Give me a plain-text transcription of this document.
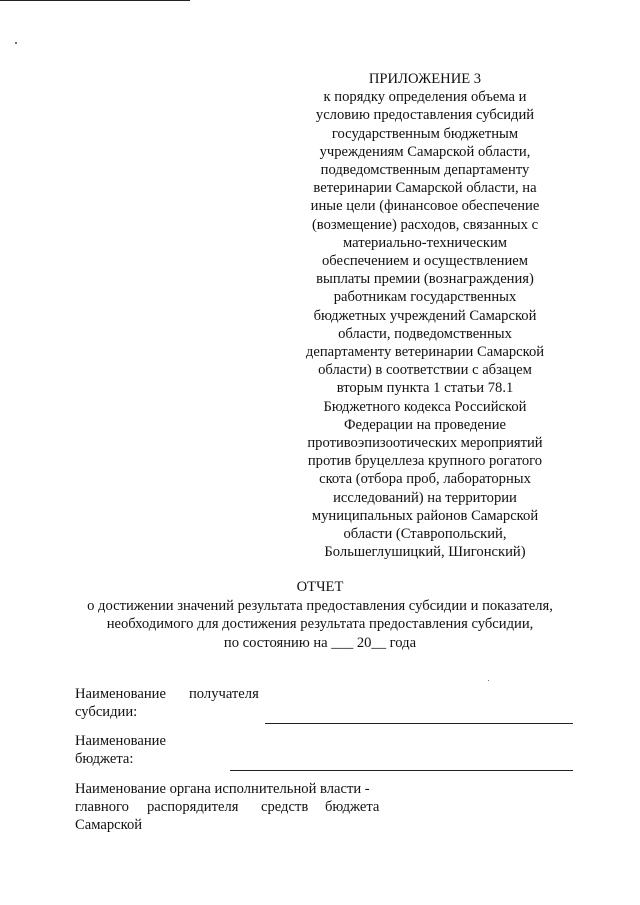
ПРИЛОЖЕНИЕ 3
к порядку определения объема и
условию предоставления субсидий
государственным бюджетным
учреждениям Самарской области,
подведомственным департаменту
ветеринарии Самарской области, на
иные цели (финансовое обеспечение
(возмещение) расходов, связанных с
материально-техническим
обеспечением и осуществлением
выплаты премии (вознаграждения)
работникам государственных
бюджетных учреждений Самарской
области, подведомственных
департаменту ветеринарии Самарской
области) в соответствии с абзацем
вторым пункта 1 статьи 78.1
Бюджетного кодекса Российской
Федерации на проведение
противоэпизоотических мероприятий
против бруцеллеза крупного рогатого
скота (отбора проб, лабораторных
исследований) на территории
муниципальных районов Самарской
области (Ставропольский,
Большеглушицкий, Шигонский)
ОТЧЕТ
о достижении значений результата предоставления субсидии и показателя,
необходимого для достижения результата предоставления субсидии,
по состоянию на ___ 20__ года
Наименование получателя
субсидии:
Наименование
бюджета:
Наименование органа исполнительной власти -
главного распорядителя средств бюджета
Самарской
